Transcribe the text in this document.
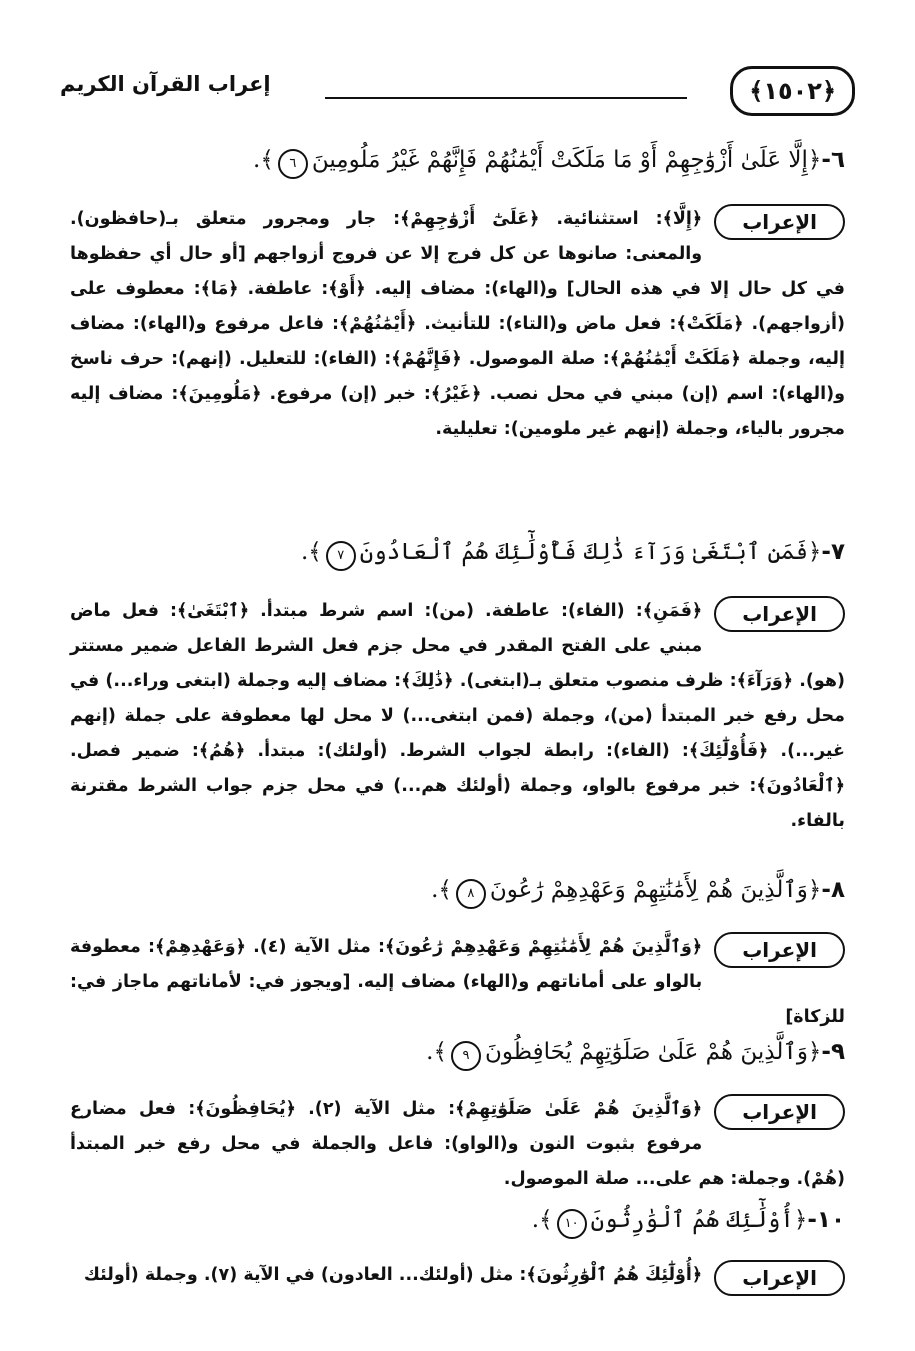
﴿١٥٠٢﴾
إعراب القرآن الكريم
٦-﴿إِلَّا عَلَىٰ أَزْوَٰجِهِمْ أَوْ مَا مَلَكَتْ أَيْمَٰنُهُمْ فَإِنَّهُمْ غَيْرُ مَلُومِينَ٦﴾.
الإعراب
﴿إِلَّا﴾: استثنائية. ﴿عَلَىٰٓ أَزْوَٰجِهِمْ﴾: جار ومجرور متعلق بـ(حافظون). والمعنى: صانوها عن كل فرج إلا عن فروج أزواجهم [أو حال أي حفظوها في كل حال إلا في هذه الحال] و(الهاء): مضاف إليه. ﴿أَوْ﴾: عاطفة. ﴿مَا﴾: معطوف على (أزواجهم). ﴿مَلَكَتْ﴾: فعل ماض و(التاء): للتأنيث. ﴿أَيْمَٰنُهُمْ﴾: فاعل مرفوع و(الهاء): مضاف إليه، وجملة ﴿مَلَكَتْ أَيْمَٰنُهُمْ﴾: صلة الموصول. ﴿فَإِنَّهُمْ﴾: (الفاء): للتعليل. (إنهم): حرف ناسخ و(الهاء): اسم (إن) مبني في محل نصب. ﴿غَيْرُ﴾: خبر (إن) مرفوع. ﴿مَلُومِينَ﴾: مضاف إليه مجرور بالياء، وجملة (إنهم غير ملومين): تعليلية.
٧-﴿فَمَنِ ٱبْتَغَىٰ وَرَآءَ ذَٰلِكَ فَأُوْلَٰٓئِكَ هُمُ ٱلْعَادُونَ٧﴾.
الإعراب
﴿فَمَنِ﴾: (الفاء): عاطفة. (من): اسم شرط مبتدأ. ﴿ٱبْتَغَىٰ﴾: فعل ماض مبني على الفتح المقدر في محل جزم فعل الشرط الفاعل ضمير مستتر (هو). ﴿وَرَآءَ﴾: ظرف منصوب متعلق بـ(ابتغى). ﴿ذَٰلِكَ﴾: مضاف إليه وجملة (ابتغى وراء...) في محل رفع خبر المبتدأ (من)، وجملة (فمن ابتغى...) لا محل لها معطوفة على جملة (إنهم غير...). ﴿فَأُوْلَٰٓئِكَ﴾: (الفاء): رابطة لجواب الشرط. (أولئك): مبتدأ. ﴿هُمُ﴾: ضمير فصل. ﴿ٱلْعَادُونَ﴾: خبر مرفوع بالواو، وجملة (أولئك هم...) في محل جزم جواب الشرط مقترنة بالفاء.
٨-﴿وَٱلَّذِينَ هُمْ لِأَمَٰنَٰتِهِمْ وَعَهْدِهِمْ رَٰعُونَ٨﴾.
الإعراب
﴿وَٱلَّذِينَ هُمْ لِأَمَٰنَٰتِهِمْ وَعَهْدِهِمْ رَٰعُونَ﴾: مثل الآية (٤). ﴿وَعَهْدِهِمْ﴾: معطوفة بالواو على أماناتهم و(الهاء) مضاف إليه. [ويجوز في: لأماناتهم ماجاز في: للزكاة]
٩-﴿وَٱلَّذِينَ هُمْ عَلَىٰ صَلَوَٰتِهِمْ يُحَافِظُونَ٩﴾.
الإعراب
﴿وَٱلَّذِينَ هُمْ عَلَىٰ صَلَوَٰتِهِمْ﴾: مثل الآية (٢). ﴿يُحَافِظُونَ﴾: فعل مضارع مرفوع بثبوت النون و(الواو): فاعل والجملة في محل رفع خبر المبتدأ (هُمْ). وجملة: هم على... صلة الموصول.
١٠-﴿أُوْلَٰٓئِكَ هُمُ ٱلْوَٰرِثُونَ١٠﴾.
الإعراب
﴿أُوْلَٰٓئِكَ هُمُ ٱلْوَٰرِثُونَ﴾: مثل (أولئك... العادون) في الآية (٧). وجملة (أولئك
